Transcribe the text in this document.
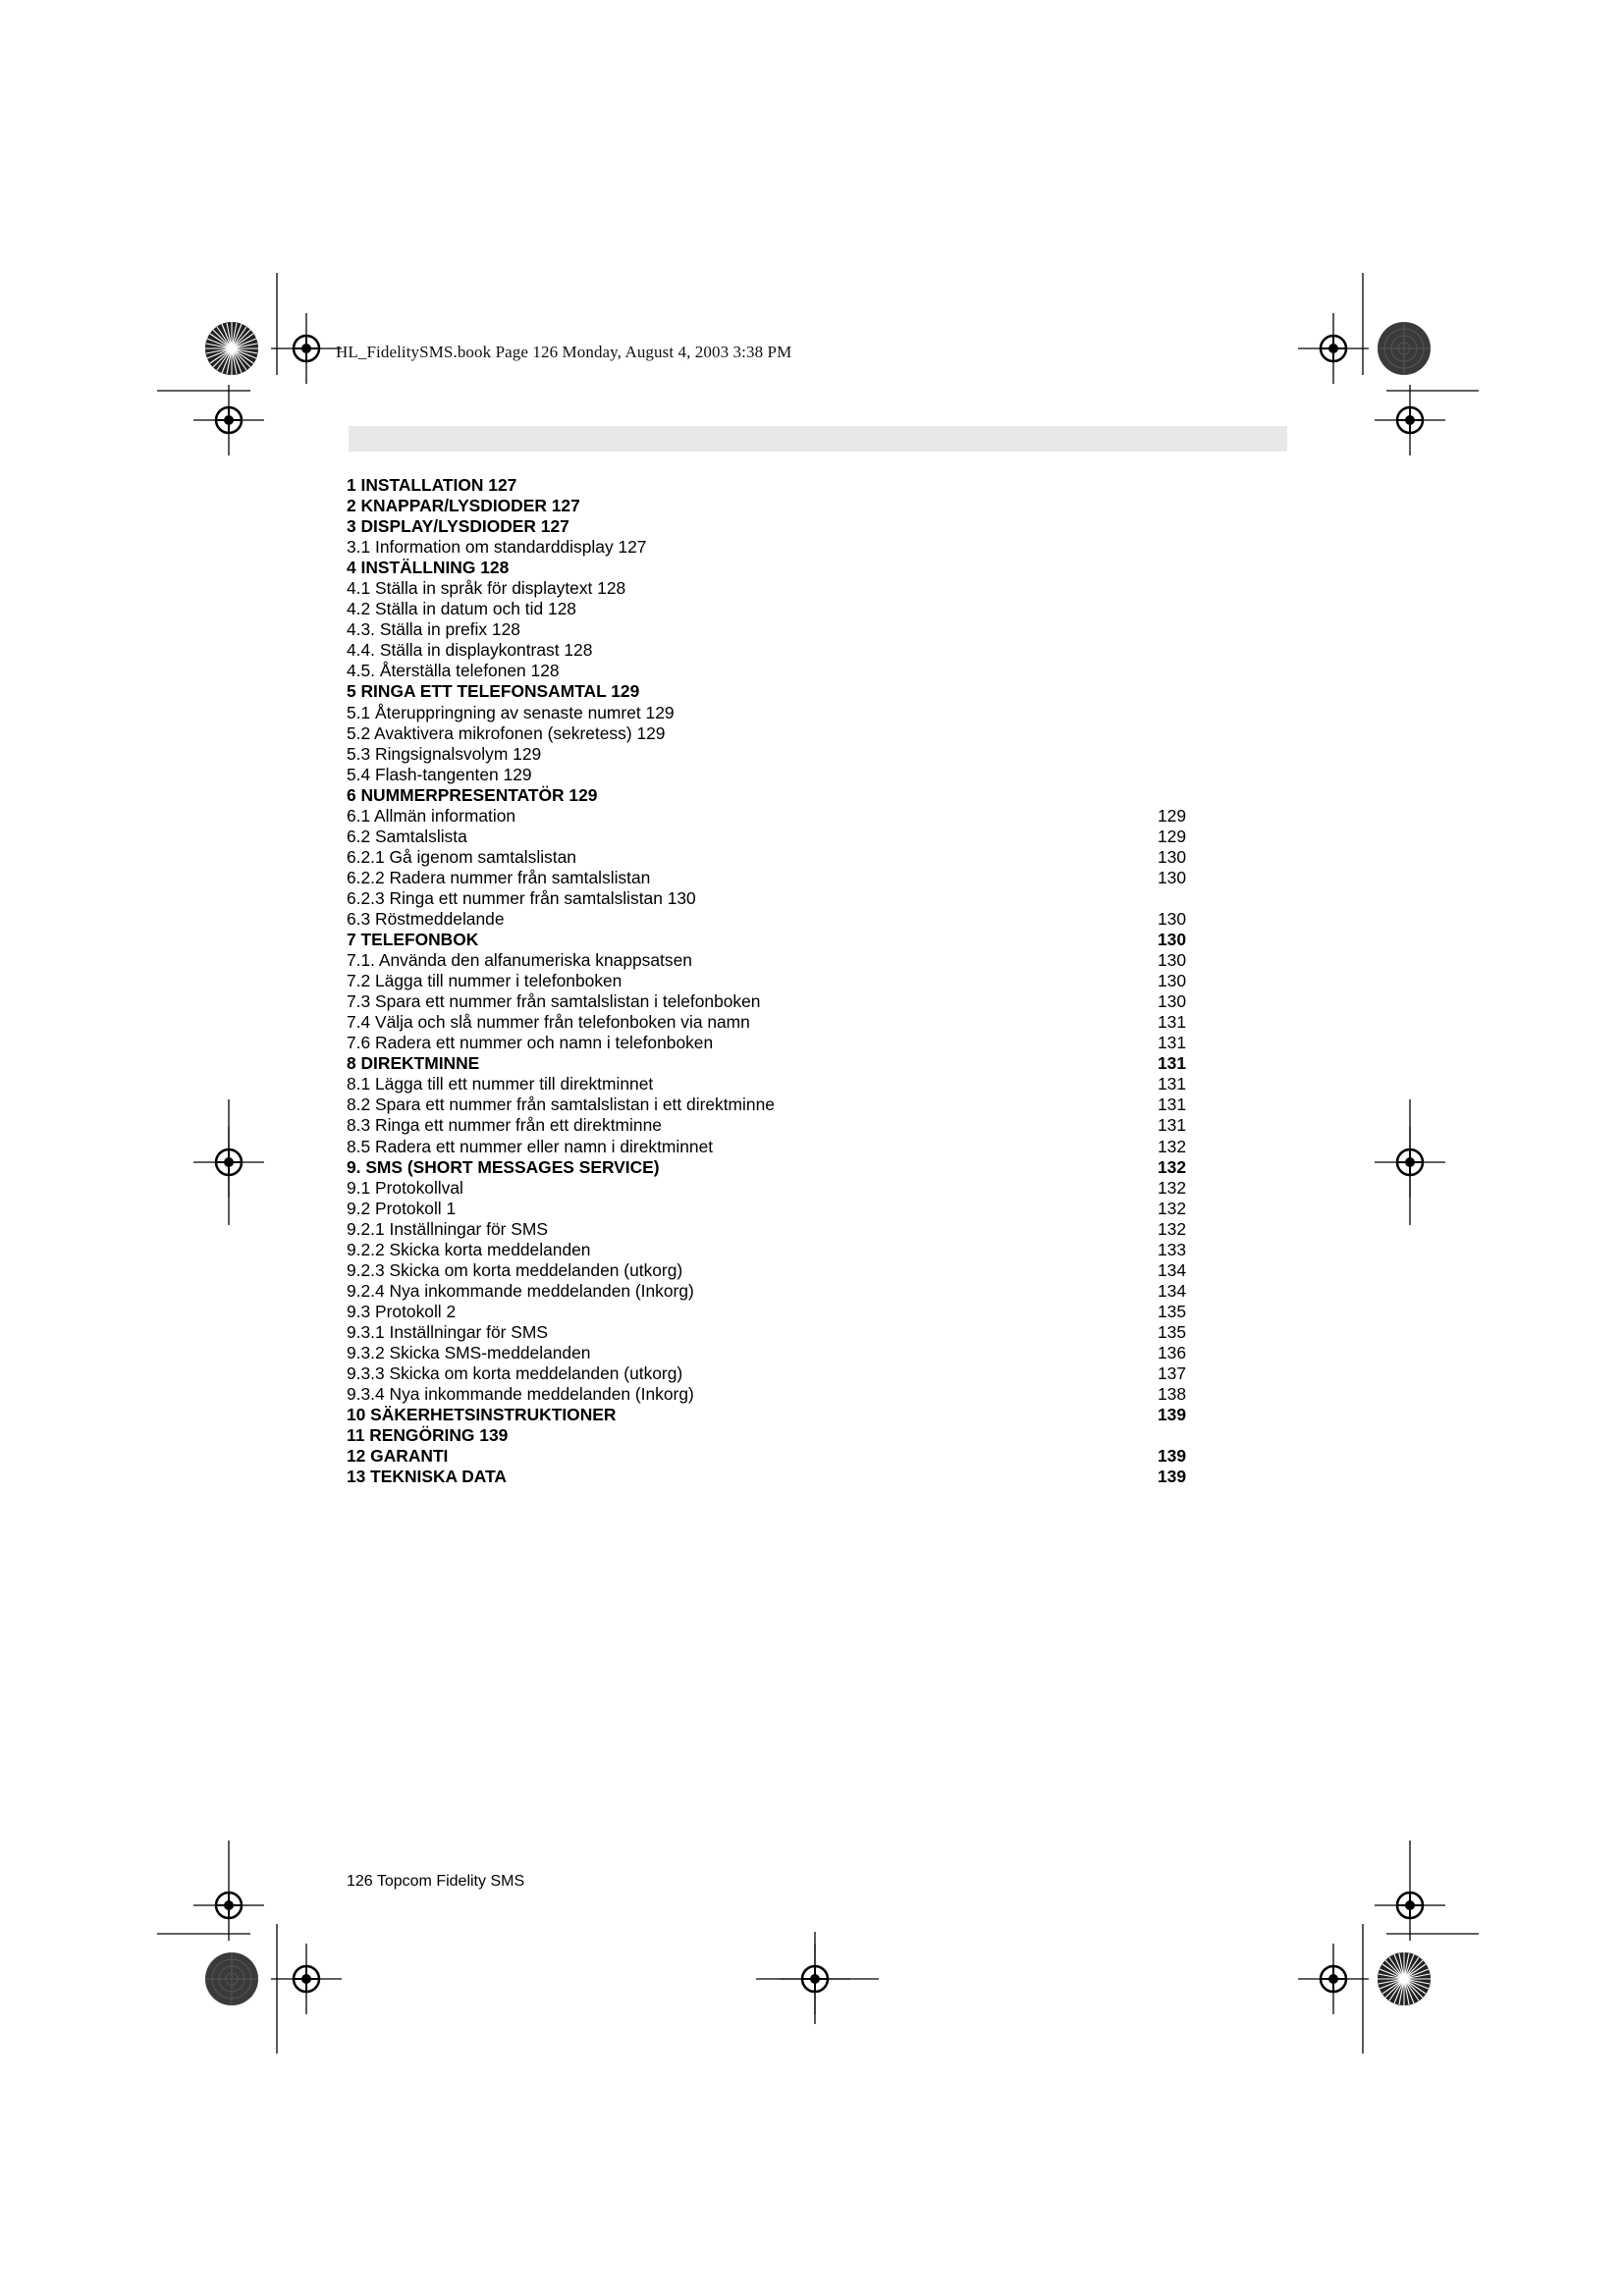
HL_FidelitySMS.book Page 126 Monday, August 4, 2003 3:38 PM
1 INSTALLATION 127
2 KNAPPAR/LYSDIODER 127
3 DISPLAY/LYSDIODER 127
3.1 Information om standarddisplay 127
4 INSTÄLLNING 128
4.1 Ställa in språk för displaytext 128
4.2 Ställa in datum och tid 128
4.3. Ställa in prefix 128
4.4. Ställa in displaykontrast 128
4.5. Återställa telefonen 128
5 RINGA ETT TELEFONSAMTAL 129
5.1 Återuppringning av senaste numret 129
5.2 Avaktivera mikrofonen (sekretess) 129
5.3 Ringsignalsvolym 129
5.4 Flash-tangenten 129
6 NUMMERPRESENTATÖR 129
6.1 Allmän information	129
6.2 Samtalslista	129
6.2.1 Gå igenom samtalslistan	130
6.2.2 Radera nummer från samtalslistan	130
6.2.3 Ringa ett nummer från samtalslistan 130
6.3 Röstmeddelande	130
7 TELEFONBOK	130
7.1. Använda den alfanumeriska knappsatsen	130
7.2 Lägga till nummer i telefonboken	130
7.3 Spara ett nummer från samtalslistan i telefonboken	130
7.4 Välja och slå nummer från telefonboken via namn	131
7.6 Radera ett nummer och namn i telefonboken	131
8 DIREKTMINNE	131
8.1 Lägga till ett nummer till direktminnet	131
8.2 Spara ett nummer från samtalslistan i ett direktminne	131
8.3 Ringa ett nummer från ett direktminne	131
8.5 Radera ett nummer eller namn i direktminnet	132
9. SMS (SHORT MESSAGES SERVICE)	132
9.1 Protokollval	132
9.2 Protokoll 1	132
9.2.1 Inställningar för SMS	132
9.2.2 Skicka korta meddelanden	133
9.2.3 Skicka om korta meddelanden (utkorg)	134
9.2.4 Nya inkommande meddelanden (Inkorg)	134
9.3 Protokoll 2	135
9.3.1 Inställningar för SMS	135
9.3.2 Skicka SMS-meddelanden	136
9.3.3 Skicka om korta meddelanden (utkorg)	137
9.3.4 Nya inkommande meddelanden (Inkorg)	138
10 SÄKERHETSINSTRUKTIONER	139
11 RENGÖRING 139
12 GARANTI	139
13 TEKNISKA DATA	139
126 Topcom Fidelity SMS
